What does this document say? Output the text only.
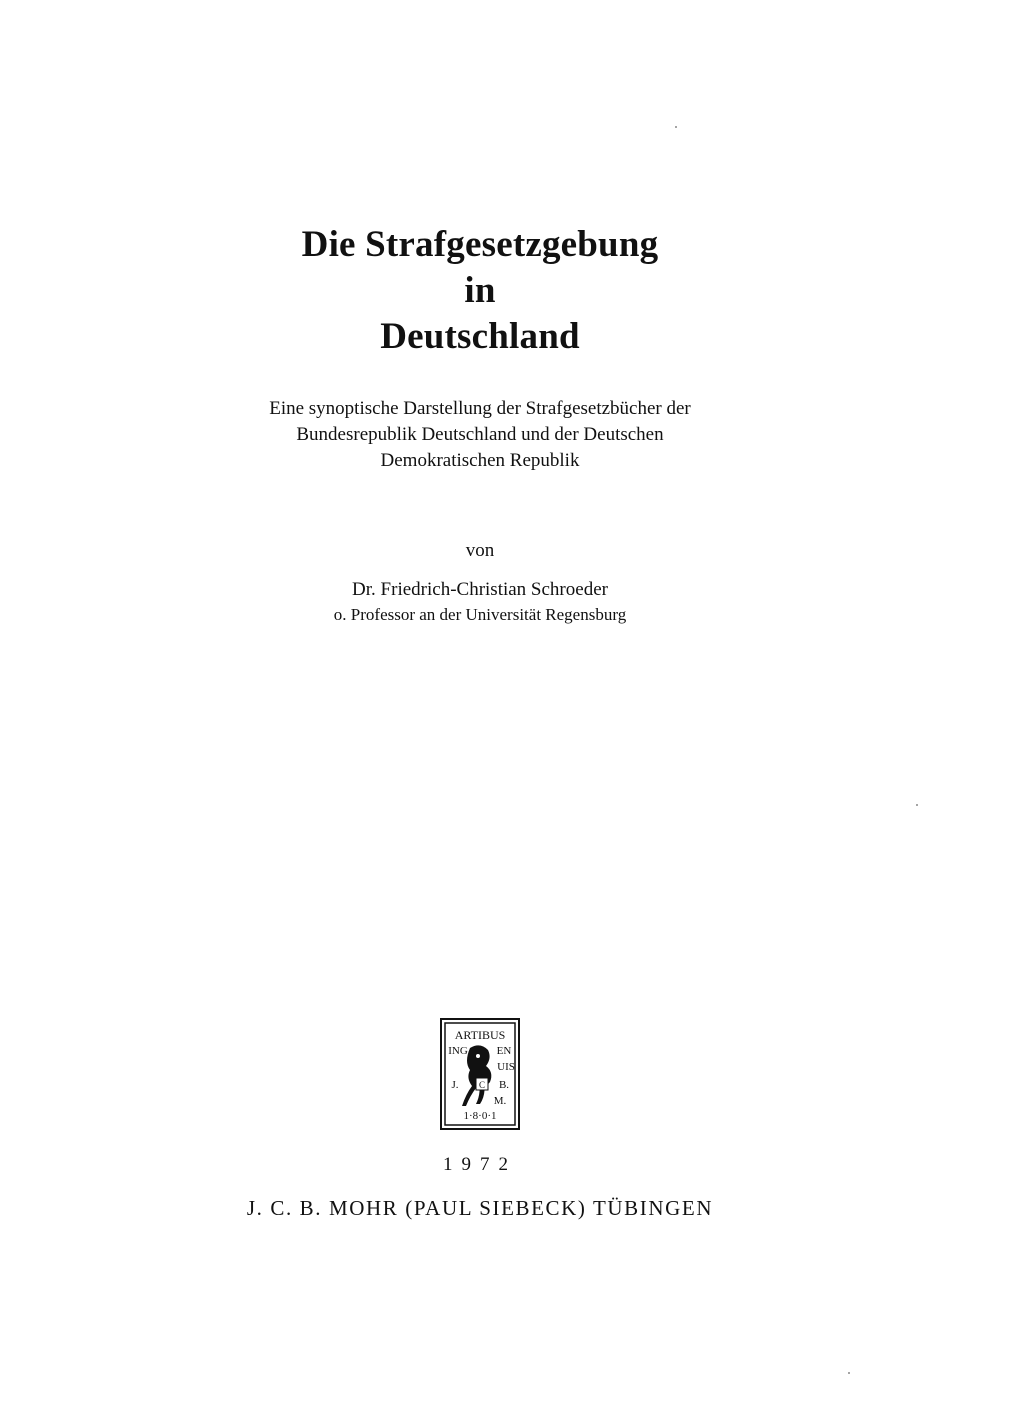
Die Strafgesetzgebung
in
Deutschland
Eine synoptische Darstellung der Strafgesetzbücher der
Bundesrepublik Deutschland und der Deutschen
Demokratischen Republik
von
Dr. Friedrich-Christian Schroeder
o. Professor an der Universität Regensburg
ARTIBUS
ING	EN
UIS
J.	B.
M.
1·8·0·1
C
1972
J. C. B. MOHR (PAUL SIEBECK) TÜBINGEN
